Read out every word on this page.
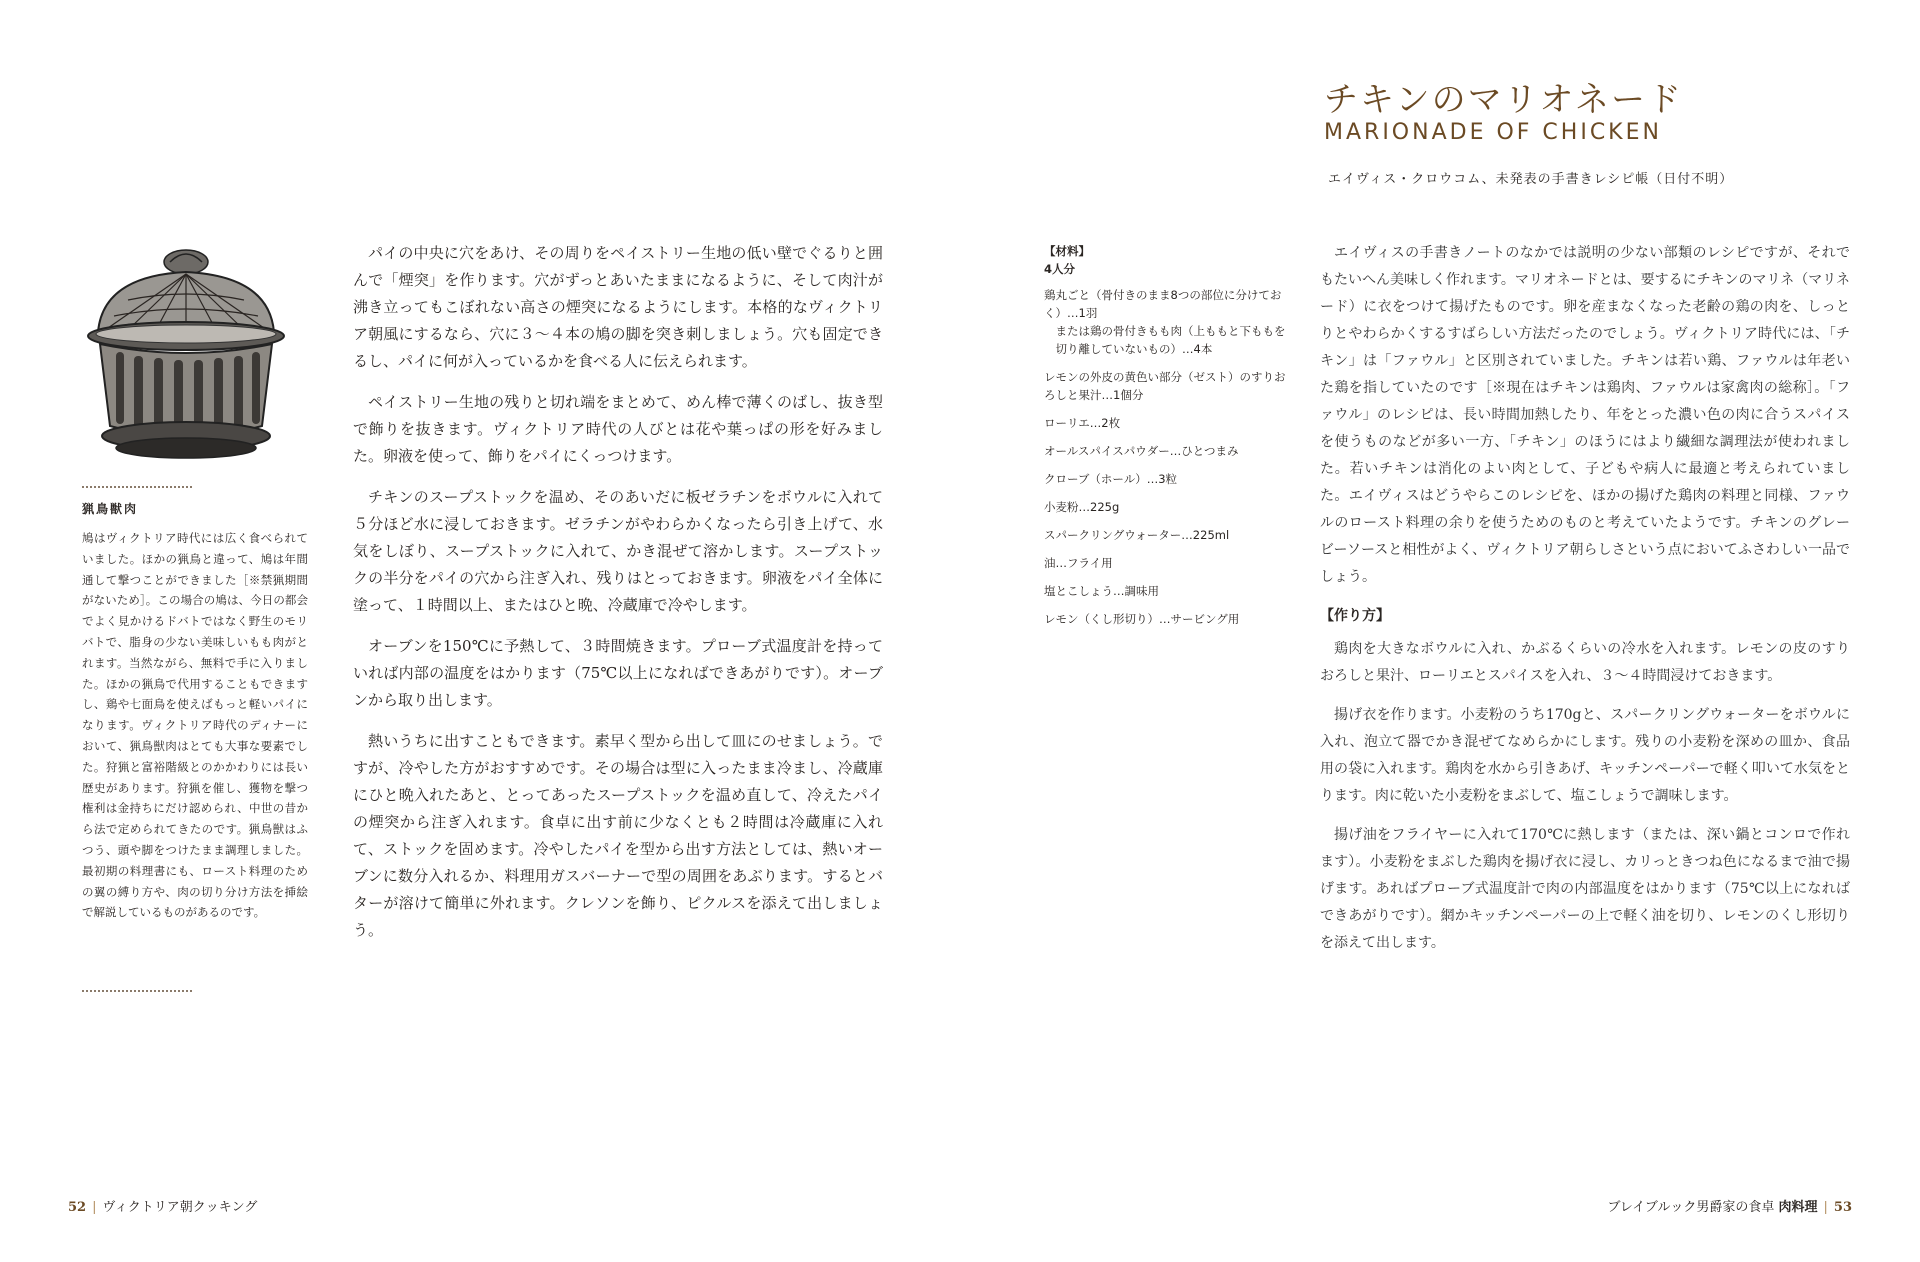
猟鳥獣肉
鳩はヴィクトリア時代には広く食べられていました。ほかの猟鳥と違って、鳩は年間通して撃つことができました［※禁猟期間がないため］。この場合の鳩は、今日の都会でよく見かけるドバトではなく野生のモリバトで、脂身の少ない美味しいもも肉がとれます。当然ながら、無料で手に入りました。ほかの猟鳥で代用することもできますし、鶏や七面鳥を使えばもっと軽いパイになります。ヴィクトリア時代のディナーにおいて、猟鳥獣肉はとても大事な要素でした。狩猟と富裕階級とのかかわりには長い歴史があります。狩猟を催し、獲物を撃つ権利は金持ちにだけ認められ、中世の昔から法で定められてきたのです。猟鳥獣はふつう、頭や脚をつけたまま調理しました。最初期の料理書にも、ロースト料理のための翼の縛り方や、肉の切り分け方法を挿絵で解説しているものがあるのです。

パイの中央に穴をあけ、その周りをペイストリー生地の低い壁でぐるりと囲んで「煙突」を作ります。穴がずっとあいたままになるように、そして肉汁が沸き立ってもこぼれない高さの煙突になるようにします。本格的なヴィクトリア朝風にするなら、穴に３～４本の鳩の脚を突き刺しましょう。穴も固定できるし、パイに何が入っているかを食べる人に伝えられます。

ペイストリー生地の残りと切れ端をまとめて、めん棒で薄くのばし、抜き型で飾りを抜きます。ヴィクトリア時代の人びとは花や葉っぱの形を好みました。卵液を使って、飾りをパイにくっつけます。

チキンのスープストックを温め、そのあいだに板ゼラチンをボウルに入れて５分ほど水に浸しておきます。ゼラチンがやわらかくなったら引き上げて、水気をしぼり、スープストックに入れて、かき混ぜて溶かします。スープストックの半分をパイの穴から注ぎ入れ、残りはとっておきます。卵液をパイ全体に塗って、１時間以上、またはひと晩、冷蔵庫で冷やします。

オーブンを150℃に予熱して、３時間焼きます。プローブ式温度計を持っていれば内部の温度をはかります（75℃以上になればできあがりです）。オーブンから取り出します。

熱いうちに出すこともできます。素早く型から出して皿にのせましょう。ですが、冷やした方がおすすめです。その場合は型に入ったまま冷まし、冷蔵庫にひと晩入れたあと、とってあったスープストックを温め直して、冷えたパイの煙突から注ぎ入れます。食卓に出す前に少なくとも２時間は冷蔵庫に入れて、ストックを固めます。冷やしたパイを型から出す方法としては、熱いオーブンに数分入れるか、料理用ガスバーナーで型の周囲をあぶります。するとバターが溶けて簡単に外れます。クレソンを飾り、ピクルスを添えて出しましょう。

チキンのマリオネード
MARIONADE OF CHICKEN
エイヴィス・クロウコム、未発表の手書きレシピ帳（日付不明）
【材料】
4人分
鶏丸ごと（骨付きのまま8つの部位に分けておく）…1羽
または鶏の骨付きもも肉（上ももと下ももを切り離していないもの）…4本
レモンの外皮の黄色い部分（ゼスト）のすりおろしと果汁…1個分
ローリエ…2枚
オールスパイスパウダー…ひとつまみ
クローブ（ホール）…3粒
小麦粉…225g
スパークリングウォーター…225ml
油…フライ用
塩とこしょう…調味用
レモン（くし形切り）…サービング用

エイヴィスの手書きノートのなかでは説明の少ない部類のレシピですが、それでもたいへん美味しく作れます。マリオネードとは、要するにチキンのマリネ（マリネード）に衣をつけて揚げたものです。卵を産まなくなった老齢の鶏の肉を、しっとりとやわらかくするすばらしい方法だったのでしょう。ヴィクトリア時代には、「チキン」は「ファウル」と区別されていました。チキンは若い鶏、ファウルは年老いた鶏を指していたのです［※現在はチキンは鶏肉、ファウルは家禽肉の総称］。「ファウル」のレシピは、長い時間加熱したり、年をとった濃い色の肉に合うスパイスを使うものなどが多い一方、「チキン」のほうにはより繊細な調理法が使われました。若いチキンは消化のよい肉として、子どもや病人に最適と考えられていました。エイヴィスはどうやらこのレシピを、ほかの揚げた鶏肉の料理と同様、ファウルのロースト料理の余りを使うためのものと考えていたようです。チキンのグレービーソースと相性がよく、ヴィクトリア朝らしさという点においてふさわしい一品でしょう。

【作り方】

鶏肉を大きなボウルに入れ、かぶるくらいの冷水を入れます。レモンの皮のすりおろしと果汁、ローリエとスパイスを入れ、３～４時間浸けておきます。

揚げ衣を作ります。小麦粉のうち170gと、スパークリングウォーターをボウルに入れ、泡立て器でかき混ぜてなめらかにします。残りの小麦粉を深めの皿か、食品用の袋に入れます。鶏肉を水から引きあげ、キッチンペーパーで軽く叩いて水気をとります。肉に乾いた小麦粉をまぶして、塩こしょうで調味します。

揚げ油をフライヤーに入れて170℃に熱します（または、深い鍋とコンロで作れます）。小麦粉をまぶした鶏肉を揚げ衣に浸し、カリっときつね色になるまで油で揚げます。あればプローブ式温度計で肉の内部温度をはかります（75℃以上になればできあがりです）。網かキッチンペーパーの上で軽く油を切り、レモンのくし形切りを添えて出します。

52 | ヴィクトリア朝クッキング	ブレイブルック男爵家の食卓 肉料理 | 53
